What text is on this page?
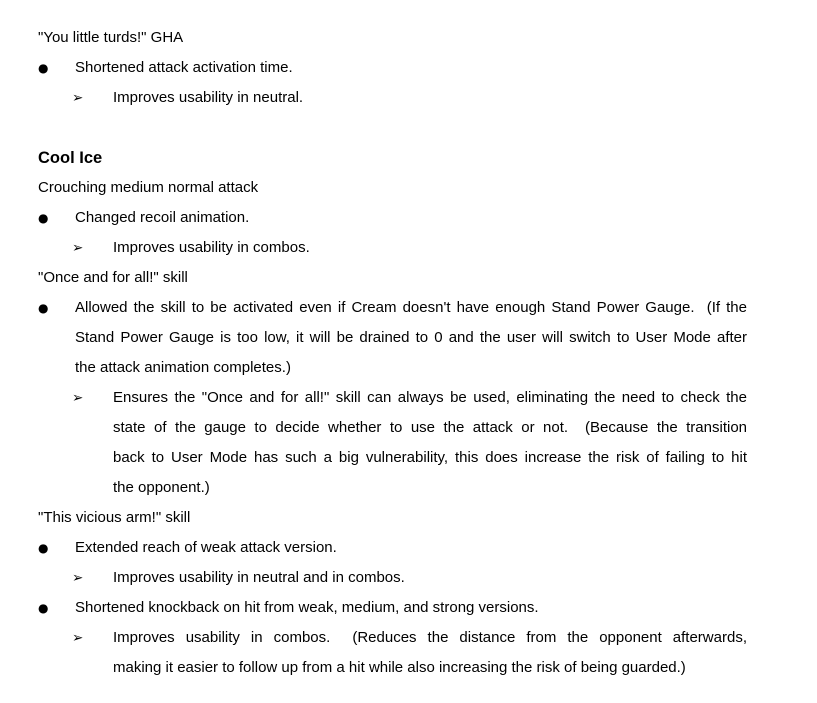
"You little turds!" GHA
●	Shortened attack activation time.
➢	Improves usability in neutral.
Cool Ice
Crouching medium normal attack
●	Changed recoil animation.
➢	Improves usability in combos.
"Once and for all!" skill
●	Allowed the skill to be activated even if Cream doesn't have enough Stand Power Gauge.  (If the
Stand Power Gauge is too low, it will be drained to 0 and the user will switch to User Mode after
the attack animation completes.)
➢	Ensures the "Once and for all!" skill can always be used, eliminating the need to check the
state of the gauge to decide whether to use the attack or not.  (Because the transition
back to User Mode has such a big vulnerability, this does increase the risk of failing to hit
the opponent.)
"This vicious arm!" skill
●	Extended reach of weak attack version.
➢	Improves usability in neutral and in combos.
●	Shortened knockback on hit from weak, medium, and strong versions.
➢	Improves usability in combos.  (Reduces the distance from the opponent afterwards,
making it easier to follow up from a hit while also increasing the risk of being guarded.)
